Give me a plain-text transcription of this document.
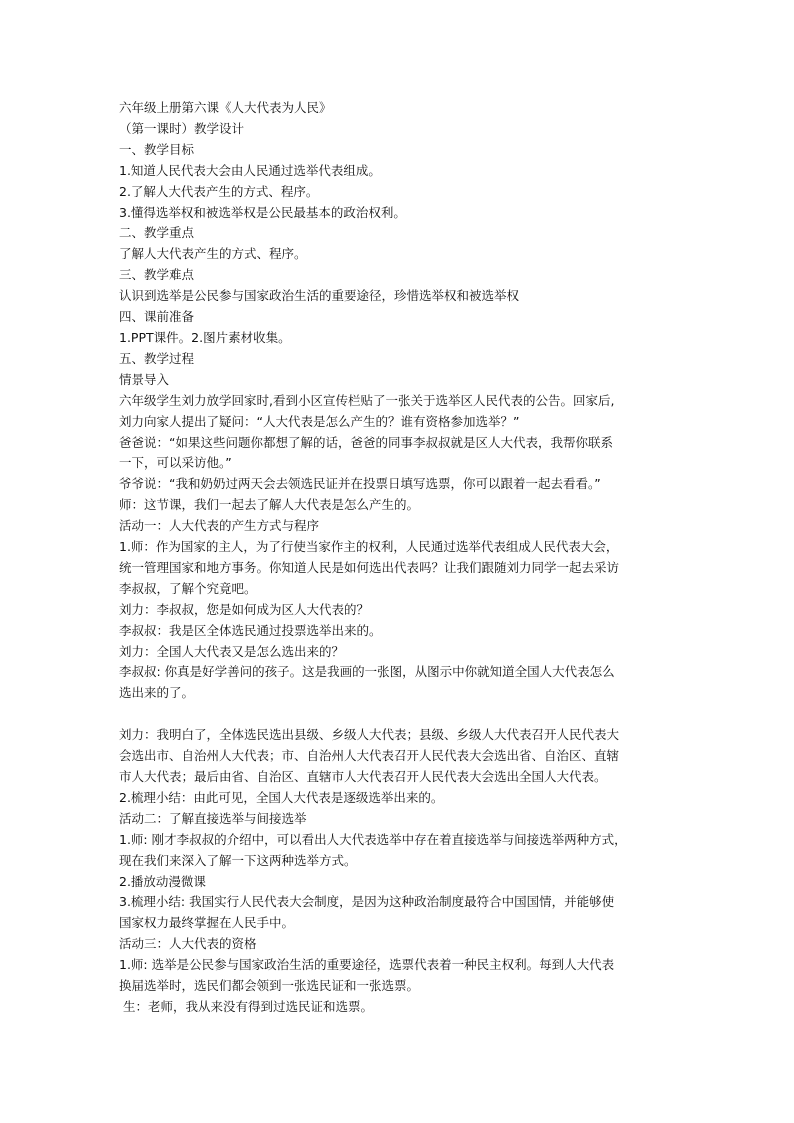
六年级上册第六课《人大代表为人民》
（第一课时）教学设计
一、教学目标
1.知道人民代表大会由人民通过选举代表组成。
2.了解人大代表产生的方式、程序。
3.懂得选举权和被选举权是公民最基本的政治权利。
二、教学重点
了解人大代表产生的方式、程序。
三、教学难点
认识到选举是公民参与国家政治生活的重要途径，珍惜选举权和被选举权
四、课前准备
1.PPT课件。2.图片素材收集。
五、教学过程
情景导入
六年级学生刘力放学回家时,看到小区宣传栏贴了一张关于选举区人民代表的公告。回家后,
刘力向家人提出了疑问：“人大代表是怎么产生的？谁有资格参加选举？”
爸爸说：“如果这些问题你都想了解的话，爸爸的同事李叔叔就是区人大代表，我帮你联系
一下，可以采访他。”
爷爷说：“我和奶奶过两天会去领选民证并在投票日填写选票，你可以跟着一起去看看。”
师：这节课，我们一起去了解人大代表是怎么产生的。
活动一：人大代表的产生方式与程序
1.师：作为国家的主人，为了行使当家作主的权利，人民通过选举代表组成人民代表大会，
统一管理国家和地方事务。你知道人民是如何选出代表吗？让我们跟随刘力同学一起去采访
李叔叔，了解个究竟吧。
刘力：李叔叔，您是如何成为区人大代表的？
李叔叔：我是区全体选民通过投票选举出来的。
刘力：全国人大代表又是怎么选出来的？
李叔叔: 你真是好学善问的孩子。这是我画的一张图，从图示中你就知道全国人大代表怎么
选出来的了。
刘力：我明白了，全体选民选出县级、乡级人大代表；县级、乡级人大代表召开人民代表大
会选出市、自治州人大代表；市、自治州人大代表召开人民代表大会选出省、自治区、直辖
市人大代表；最后由省、自治区、直辖市人大代表召开人民代表大会选出全国人大代表。
2.梳理小结：由此可见，全国人大代表是逐级选举出来的。
活动二：了解直接选举与间接选举
1.师: 刚才李叔叔的介绍中，可以看出人大代表选举中存在着直接选举与间接选举两种方式，
现在我们来深入了解一下这两种选举方式。
2.播放动漫微课
3.梳理小结: 我国实行人民代表大会制度，是因为这种政治制度最符合中国国情，并能够使
国家权力最终掌握在人民手中。
活动三：人大代表的资格
1.师: 选举是公民参与国家政治生活的重要途径，选票代表着一种民主权利。每到人大代表
换届选举时，选民们都会领到一张选民证和一张选票。
生：老师，我从来没有得到过选民证和选票。
